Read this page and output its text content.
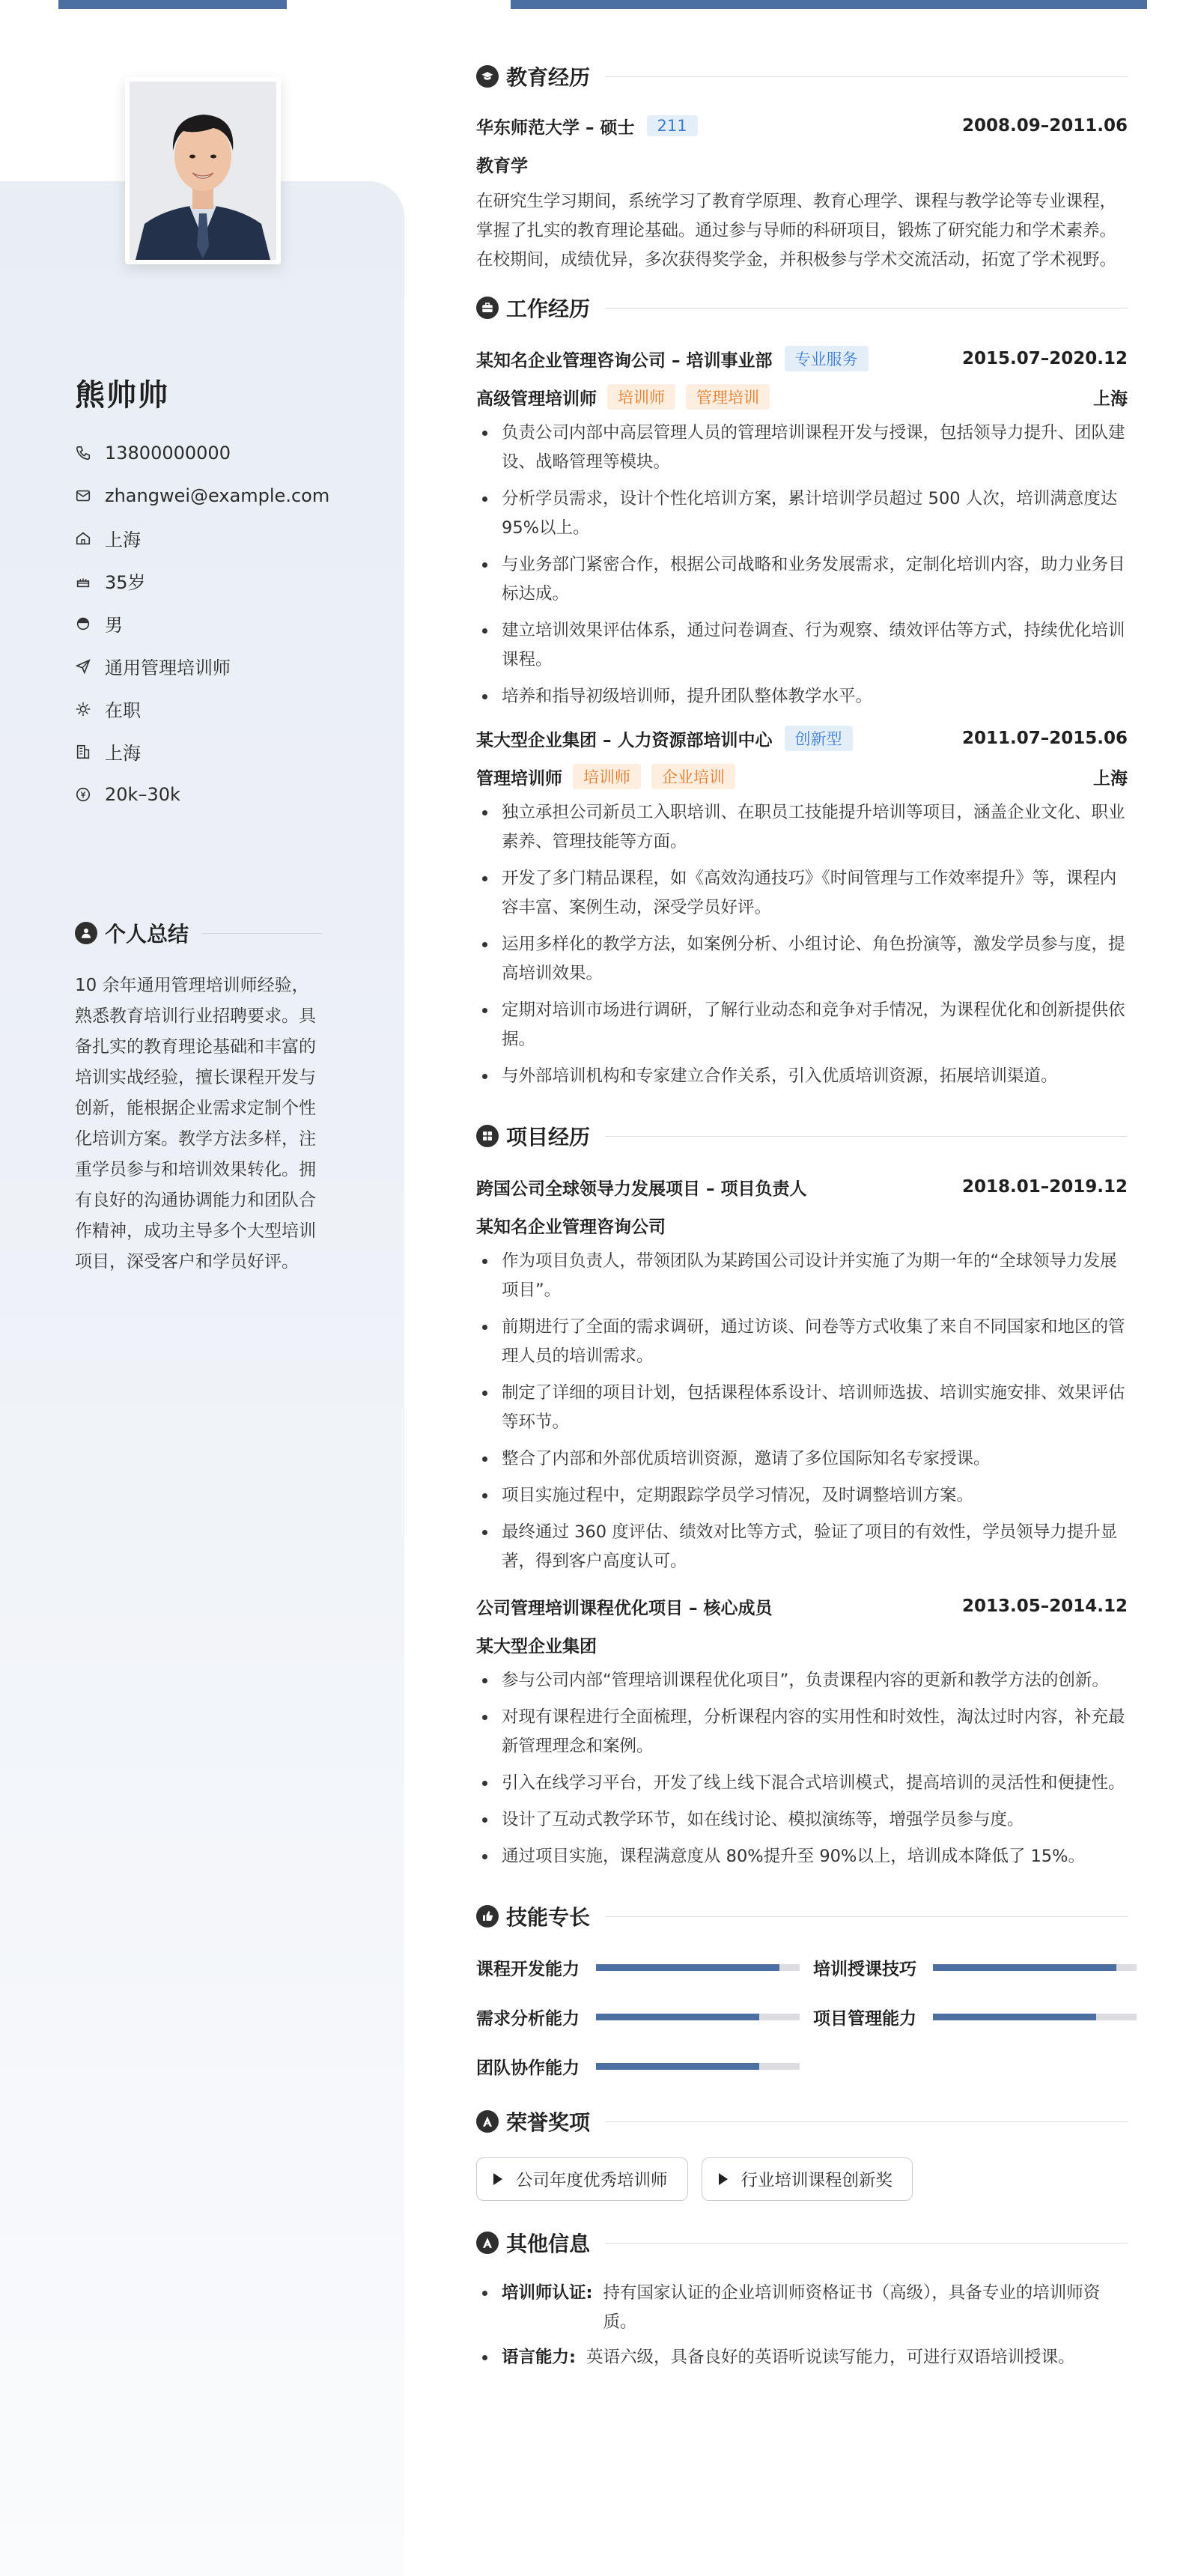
熊帅帅
13800000000
zhangwei@example.com
上海
35岁
男
通用管理培训师
在职
上海
20k–30k
个人总结
10 余年通用管理培训师经验，熟悉教育培训行业招聘要求。具备扎实的教育理论基础和丰富的培训实战经验，擅长课程开发与创新，能根据企业需求定制个性化培训方案。教学方法多样，注重学员参与和培训效果转化。拥有良好的沟通协调能力和团队合作精神，成功主导多个大型培训项目，深受客户和学员好评。
教育经历
华东师范大学 – 硕士	211	2008.09–2011.06
教育学
在研究生学习期间，系统学习了教育学原理、教育心理学、课程与教学论等专业课程，掌握了扎实的教育理论基础。通过参与导师的科研项目，锻炼了研究能力和学术素养。在校期间，成绩优异，多次获得奖学金，并积极参与学术交流活动，拓宽了学术视野。
工作经历
某知名企业管理咨询公司 – 培训事业部	专业服务	2015.07–2020.12
高级管理培训师	培训师	管理培训	上海
负责公司内部中高层管理人员的管理培训课程开发与授课，包括领导力提升、团队建设、战略管理等模块。
分析学员需求，设计个性化培训方案，累计培训学员超过 500 人次，培训满意度达 95%以上。
与业务部门紧密合作，根据公司战略和业务发展需求，定制化培训内容，助力业务目标达成。
建立培训效果评估体系，通过问卷调查、行为观察、绩效评估等方式，持续优化培训课程。
培养和指导初级培训师，提升团队整体教学水平。
某大型企业集团 – 人力资源部培训中心	创新型	2011.07–2015.06
管理培训师	培训师	企业培训	上海
独立承担公司新员工入职培训、在职员工技能提升培训等项目，涵盖企业文化、职业素养、管理技能等方面。
开发了多门精品课程，如《高效沟通技巧》《时间管理与工作效率提升》等，课程内容丰富、案例生动，深受学员好评。
运用多样化的教学方法，如案例分析、小组讨论、角色扮演等，激发学员参与度，提高培训效果。
定期对培训市场进行调研，了解行业动态和竞争对手情况，为课程优化和创新提供依据。
与外部培训机构和专家建立合作关系，引入优质培训资源，拓展培训渠道。
项目经历
跨国公司全球领导力发展项目 – 项目负责人	2018.01–2019.12
某知名企业管理咨询公司
作为项目负责人，带领团队为某跨国公司设计并实施了为期一年的“全球领导力发展项目”。
前期进行了全面的需求调研，通过访谈、问卷等方式收集了来自不同国家和地区的管理人员的培训需求。
制定了详细的项目计划，包括课程体系设计、培训师选拔、培训实施安排、效果评估等环节。
整合了内部和外部优质培训资源，邀请了多位国际知名专家授课。
项目实施过程中，定期跟踪学员学习情况，及时调整培训方案。
最终通过 360 度评估、绩效对比等方式，验证了项目的有效性，学员领导力提升显著，得到客户高度认可。
公司管理培训课程优化项目 – 核心成员	2013.05–2014.12
某大型企业集团
参与公司内部“管理培训课程优化项目”，负责课程内容的更新和教学方法的创新。
对现有课程进行全面梳理，分析课程内容的实用性和时效性，淘汰过时内容，补充最新管理理念和案例。
引入在线学习平台，开发了线上线下混合式培训模式，提高培训的灵活性和便捷性。
设计了互动式教学环节，如在线讨论、模拟演练等，增强学员参与度。
通过项目实施，课程满意度从 80%提升至 90%以上，培训成本降低了 15%。
技能专长
课程开发能力	培训授课技巧
需求分析能力	项目管理能力
团队协作能力
荣誉奖项
公司年度优秀培训师	行业培训课程创新奖
其他信息
培训师认证: 持有国家认证的企业培训师资格证书（高级），具备专业的培训师资质。
语言能力: 英语六级，具备良好的英语听说读写能力，可进行双语培训授课。
